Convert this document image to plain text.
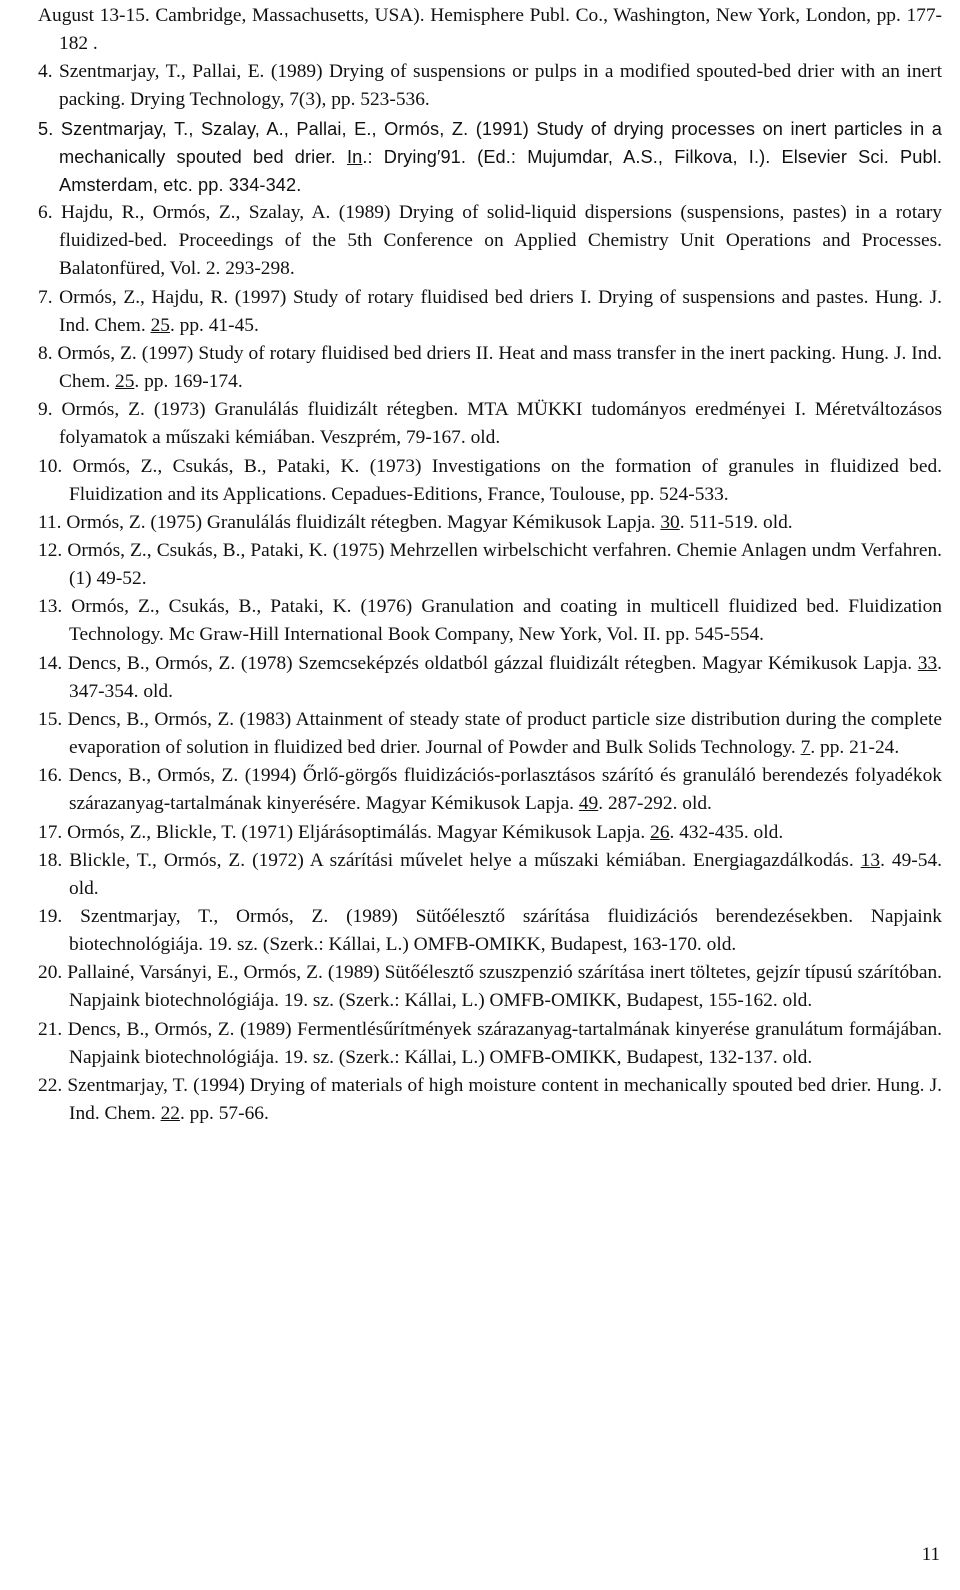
August 13-15. Cambridge, Massachusetts, USA). Hemisphere Publ. Co., Washington, New York, London, pp. 177-182 .
4. Szentmarjay, T., Pallai, E. (1989) Drying of suspensions or pulps in a modified spouted-bed drier with an inert packing. Drying Technology, 7(3), pp. 523-536.
5. Szentmarjay, T., Szalay, A., Pallai, E., Ormós, Z. (1991) Study of drying processes on inert particles in a mechanically spouted bed drier. In.: Drying′91. (Ed.: Mujumdar, A.S., Filkova, I.). Elsevier Sci. Publ. Amsterdam, etc. pp. 334-342.
6. Hajdu, R., Ormós, Z., Szalay, A. (1989) Drying of solid-liquid dispersions (suspensions, pastes) in a rotary fluidized-bed. Proceedings of the 5th Conference on Applied Chemistry Unit Operations and Processes. Balatonfüred, Vol. 2. 293-298.
7. Ormós, Z., Hajdu, R. (1997) Study of rotary fluidised bed driers I. Drying of suspensions and pastes. Hung. J. Ind. Chem. 25. pp. 41-45.
8. Ormós, Z. (1997) Study of rotary fluidised bed driers II. Heat and mass transfer in the inert packing. Hung. J. Ind. Chem. 25. pp. 169-174.
9. Ormós, Z. (1973) Granulálás fluidizált rétegben. MTA MÜKKI tudományos eredményei I. Méretváltozásos folyamatok a műszaki kémiában. Veszprém, 79-167. old.
10. Ormós, Z., Csukás, B., Pataki, K. (1973) Investigations on the formation of granules in fluidized bed. Fluidization and its Applications. Cepadues-Editions, France, Toulouse, pp. 524-533.
11. Ormós, Z. (1975) Granulálás fluidizált rétegben. Magyar Kémikusok Lapja. 30. 511-519. old.
12. Ormós, Z., Csukás, B., Pataki, K. (1975) Mehrzellen wirbelschicht verfahren. Chemie Anlagen undm Verfahren. (1) 49-52.
13. Ormós, Z., Csukás, B., Pataki, K. (1976) Granulation and coating in multicell fluidized bed. Fluidization Technology. Mc Graw-Hill International Book Company, New York, Vol. II. pp. 545-554.
14. Dencs, B., Ormós, Z. (1978) Szemcseképzés oldatból gázzal fluidizált rétegben. Magyar Kémikusok Lapja. 33. 347-354. old.
15. Dencs, B., Ormós, Z. (1983) Attainment of steady state of product particle size distribution during the complete evaporation of solution in fluidized bed drier. Journal of Powder and Bulk Solids Technology. 7. pp. 21-24.
16. Dencs, B., Ormós, Z. (1994) Őrlő-görgős fluidizációs-porlasztásos szárító és granuláló berendezés folyadékok szárazanyag-tartalmának kinyerésére. Magyar Kémikusok Lapja. 49. 287-292. old.
17. Ormós, Z., Blickle, T. (1971) Eljárásoptimálás. Magyar Kémikusok Lapja. 26. 432-435. old.
18. Blickle, T., Ormós, Z. (1972) A szárítási művelet helye a műszaki kémiában. Energiagazdálkodás. 13. 49-54. old.
19. Szentmarjay, T., Ormós, Z. (1989) Sütőélesztő szárítása fluidizációs berendezésekben. Napjaink biotechnológiája. 19. sz. (Szerk.: Kállai, L.) OMFB-OMIKK, Budapest, 163-170. old.
20. Pallainé, Varsányi, E., Ormós, Z. (1989) Sütőélesztő szuszpenzió szárítása inert töltetes, gejzír típusú szárítóban. Napjaink biotechnológiája. 19. sz. (Szerk.: Kállai, L.) OMFB-OMIKK, Budapest, 155-162. old.
21. Dencs, B., Ormós, Z. (1989) Fermentlésűrítmények szárazanyag-tartalmának kinyerése granulátum formájában. Napjaink biotechnológiája. 19. sz. (Szerk.: Kállai, L.) OMFB-OMIKK, Budapest, 132-137. old.
22. Szentmarjay, T. (1994) Drying of materials of high moisture content in mechanically spouted bed drier. Hung. J. Ind. Chem. 22. pp. 57-66.
11
